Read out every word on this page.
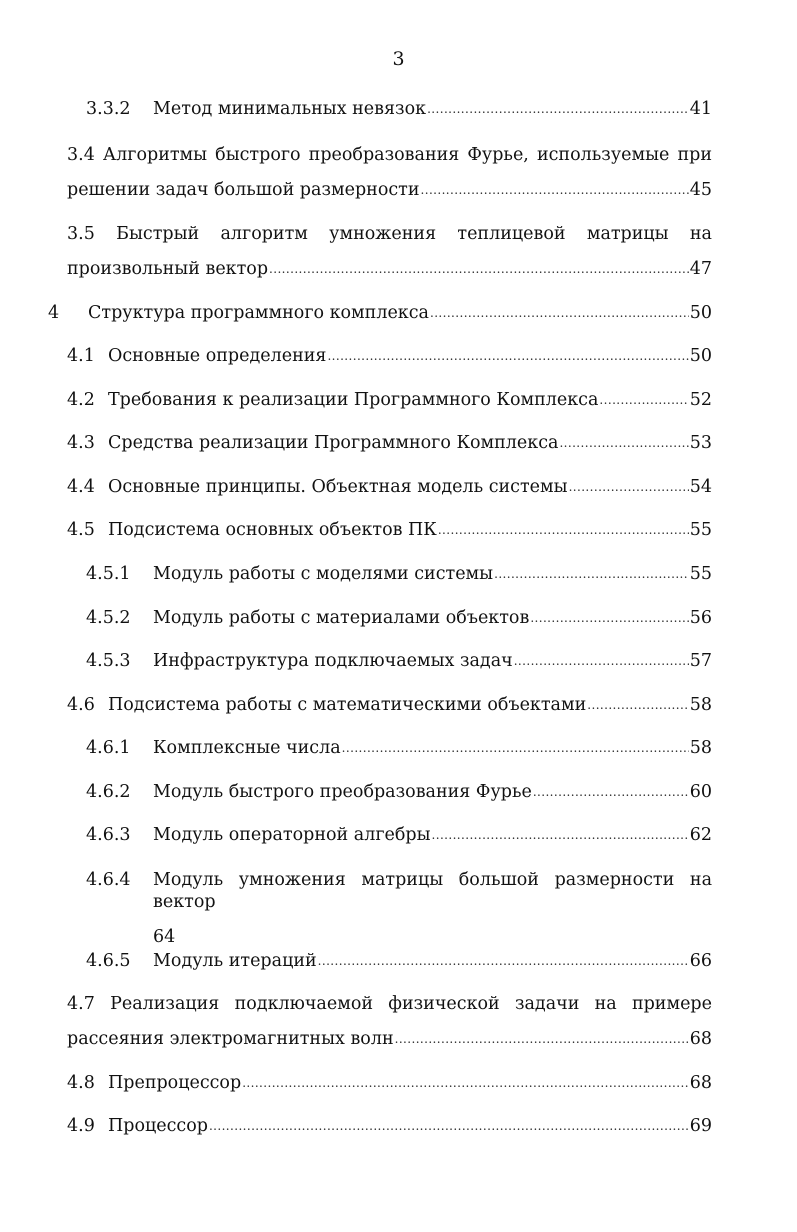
3
3.3.2	Метод минимальных невязок .....	41
3.4 Алгоритмы быстрого преобразования Фурье, используемые при
решении задач большой размерности .....	45
3.5 Быстрый алгоритм умножения теплицевой матрицы на
произвольный вектор .....	47
4	Структура программного комплекса .....	50
4.1 Основные определения .....	50
4.2 Требования к реализации Программного Комплекса .....	52
4.3 Средства реализации Программного Комплекса .....	53
4.4 Основные принципы. Объектная модель системы .....	54
4.5 Подсистема основных объектов ПК .....	55
4.5.1	Модуль работы с моделями системы .....	55
4.5.2	Модуль работы с материалами объектов .....	56
4.5.3	Инфраструктура подключаемых задач .....	57
4.6 Подсистема работы с математическими объектами .....	58
4.6.1	Комплексные числа .....	58
4.6.2	Модуль быстрого преобразования Фурье .....	60
4.6.3	Модуль операторной алгебры .....	62
4.6.4	Модуль умножения матрицы большой размерности на вектор
64
4.6.5	Модуль итераций .....	66
4.7 Реализация подключаемой физической задачи на примере
рассеяния электромагнитных волн .....	68
4.8 Препроцессор .....	68
4.9 Процессор .....	69
